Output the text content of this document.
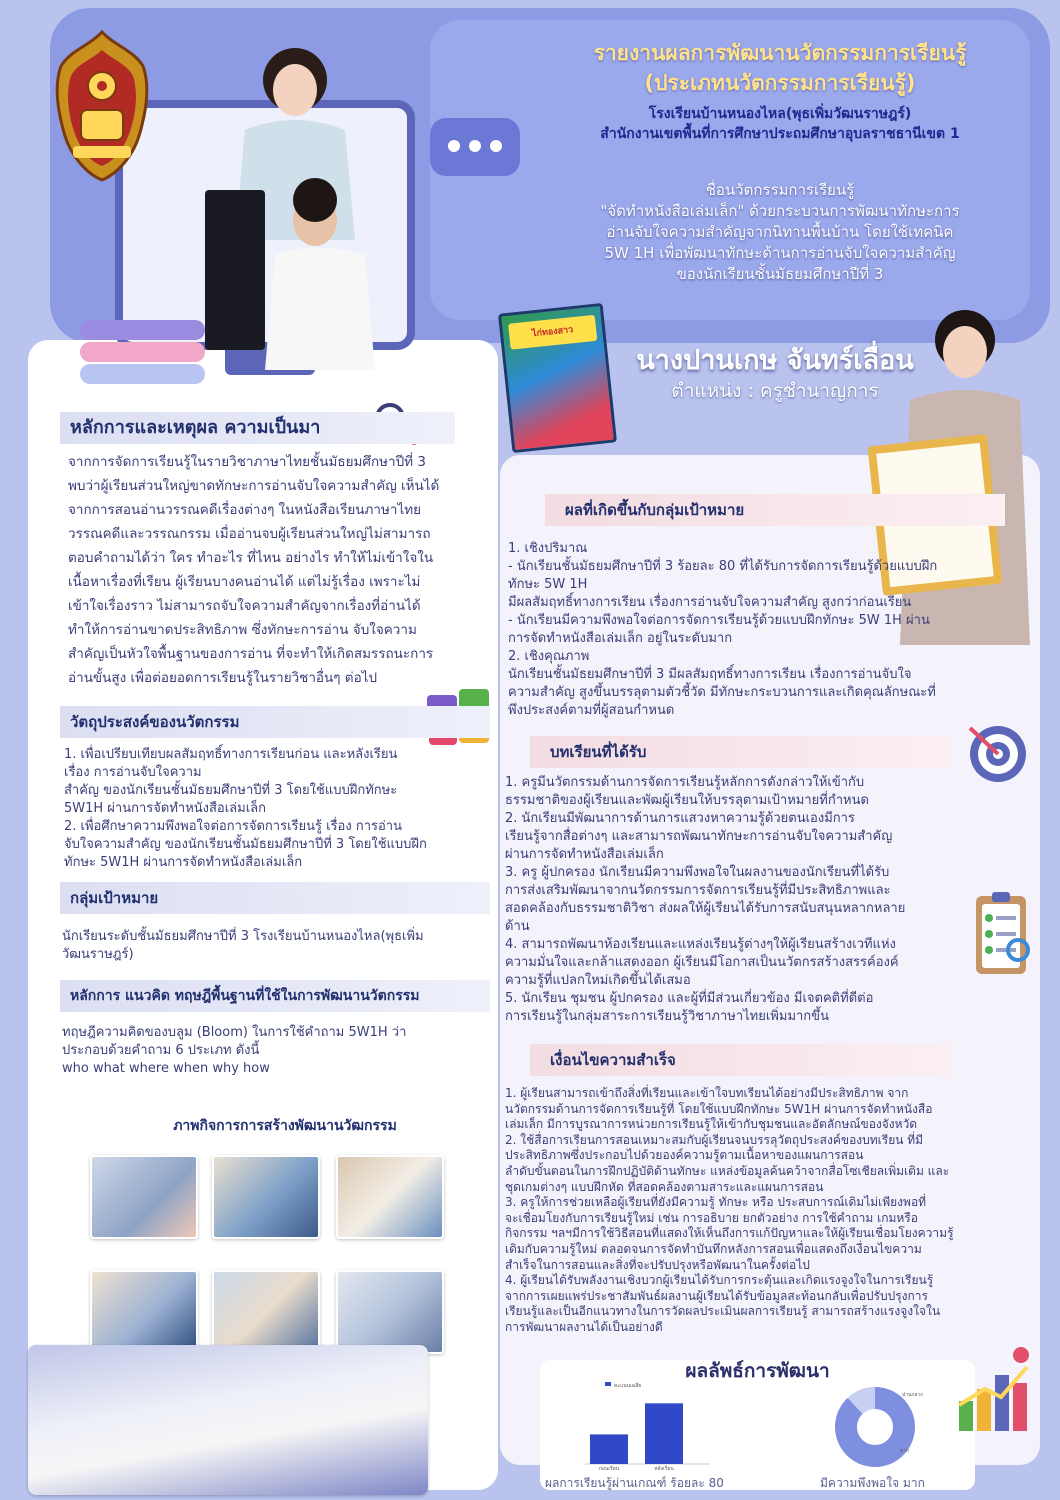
รายงานผลการพัฒนานวัตกรรมการเรียนรู้
(ประเภทนวัตกรรมการเรียนรู้)
โรงเรียนบ้านหนองไหล(พุธเพิ่มวัฒนราษฎร์)
สำนักงานเขตพื้นที่การศึกษาประถมศึกษาอุบลราชธานีเขต 1
ชื่อนวัตกรรมการเรียนรู้
"จัดทำหนังสือเล่มเล็ก" ด้วยกระบวนการพัฒนาทักษะการ
อ่านจับใจความสำคัญจากนิทานพื้นบ้าน โดยใช้เทคนิค
5W 1H เพื่อพัฒนาทักษะด้านการอ่านจับใจความสำคัญ
ของนักเรียนชั้นมัธยมศึกษาปีที่ 3
ไก่ทองสาว
นางปานเกษ จันทร์เลื่อน
ตำแหน่ง : ครูชำนาญการ
หลักการและเหตุผล ความเป็นมา
จากการจัดการเรียนรู้ในรายวิชาภาษาไทยชั้นมัธยมศึกษาปีที่ 3
พบว่าผู้เรียนส่วนใหญ่ขาดทักษะการอ่านจับใจความสำคัญ เห็นได้
จากการสอนอ่านวรรณคดีเรื่องต่างๆ ในหนังสือเรียนภาษาไทย
วรรณคดีและวรรณกรรม เมื่ออ่านจบผู้เรียนส่วนใหญ่ไม่สามารถ
ตอบคำถามได้ว่า ใคร ทำอะไร ที่ไหน อย่างไร ทำให้ไม่เข้าใจใน
เนื้อหาเรื่องที่เรียน ผู้เรียนบางคนอ่านได้ แต่ไม่รู้เรื่อง เพราะไม่
เข้าใจเรื่องราว ไม่สามารถจับใจความสำคัญจากเรื่องที่อ่านได้
ทำให้การอ่านขาดประสิทธิภาพ ซึ่งทักษะการอ่าน จับใจความ
สำคัญเป็นหัวใจพื้นฐานของการอ่าน ที่จะทำให้เกิดสมรรถนะการ
อ่านขั้นสูง เพื่อต่อยอดการเรียนรู้ในรายวิชาอื่นๆ ต่อไป
วัตถุประสงค์ของนวัตกรรม
1. เพื่อเปรียบเทียบผลสัมฤทธิ์ทางการเรียนก่อน และหลังเรียน
เรื่อง การอ่านจับใจความ
สำคัญ ของนักเรียนชั้นมัธยมศึกษาปีที่ 3 โดยใช้แบบฝึกทักษะ
5W1H ผ่านการจัดทำหนังสือเล่มเล็ก
2. เพื่อศึกษาความพึงพอใจต่อการจัดการเรียนรู้ เรื่อง การอ่าน
จับใจความสำคัญ ของนักเรียนชั้นมัธยมศึกษาปีที่ 3 โดยใช้แบบฝึก
ทักษะ 5W1H ผ่านการจัดทำหนังสือเล่มเล็ก
กลุ่มเป้าหมาย
นักเรียนระดับชั้นมัธยมศึกษาปีที่ 3 โรงเรียนบ้านหนองไหล(พุธเพิ่ม
วัฒนราษฎร์)
หลักการ แนวคิด ทฤษฎีพื้นฐานที่ใช้ในการพัฒนานวัตกรรม
ทฤษฎีความคิดของบลูม (Bloom) ในการใช้คำถาม 5W1H ว่า
ประกอบด้วยคำถาม 6 ประเภท ดังนี้
who what where when why how
ภาพกิจการการสร้างพัฒนานวัฒกรรม
ผลที่เกิดขึ้นกับกลุ่มเป้าหมาย
1. เชิงปริมาณ
- นักเรียนชั้นมัธยมศึกษาปีที่ 3 ร้อยละ 80 ที่ได้รับการจัดการเรียนรู้ด้วยแบบฝึก
ทักษะ 5W 1H
มีผลสัมฤทธิ์ทางการเรียน เรื่องการอ่านจับใจความสำคัญ สูงกว่าก่อนเรียน
- นักเรียนมีความพึงพอใจต่อการจัดการเรียนรู้ด้วยแบบฝึกทักษะ 5W 1H ผ่าน
การจัดทำหนังสือเล่มเล็ก อยู่ในระดับมาก
2. เชิงคุณภาพ
นักเรียนชั้นมัธยมศึกษาปีที่ 3 มีผลสัมฤทธิ์ทางการเรียน เรื่องการอ่านจับใจ
ความสำคัญ สูงขึ้นบรรลุตามตัวชี้วัด มีทักษะกระบวนการและเกิดคุณลักษณะที่
พึงประสงค์ตามที่ผู้สอนกำหนด
บทเรียนที่ได้รับ
1. ครูมีนวัตกรรมด้านการจัดการเรียนรู้หลักการดังกล่าวให้เข้ากับ
ธรรมชาติของผู้เรียนและพัฒผู้เรียนให้บรรลุตามเป้าหมายที่กำหนด
2. นักเรียนมีพัฒนาการด้านการแสวงหาความรู้ด้วยตนเองมีการ
เรียนรู้จากสื่อต่างๆ และสามารถพัฒนาทักษะการอ่านจับใจความสำคัญ
ผ่านการจัดทำหนังสือเล่มเล็ก
3. ครู ผู้ปกครอง นักเรียนมีความพึงพอใจในผลงานของนักเรียนที่ได้รับ
การส่งเสริมพัฒนาจากนวัตกรรมการจัดการเรียนรู้ที่มีประสิทธิภาพและ
สอดคล้องกับธรรมชาติวิชา ส่งผลให้ผู้เรียนได้รับการสนับสนุนหลากหลาย
ด้าน
4. สามารถพัฒนาห้องเรียนและแหล่งเรียนรู้ต่างๆให้ผู้เรียนสร้างเวทีแห่ง
ความมั่นใจและกล้าแสดงออก ผู้เรียนมีโอกาสเป็นนวัตกรสร้างสรรค์องค์
ความรู้ที่แปลกใหม่เกิดขึ้นได้เสมอ
5. นักเรียน ชุมชน ผู้ปกครอง และผู้ที่มีส่วนเกี่ยวข้อง มีเจตคติที่ดีต่อ
การเรียนรู้ในกลุ่มสาระการเรียนรู้วิชาภาษาไทยเพิ่มมากขึ้น
เงื่อนไขความสำเร็จ
1. ผู้เรียนสามารถเข้าถึงสิ่งที่เรียนและเข้าใจบทเรียนได้อย่างมีประสิทธิภาพ จาก
นวัตกรรมด้านการจัดการเรียนรู้ที่ โดยใช้แบบฝึกทักษะ 5W1H ผ่านการจัดทำหนังสือ
เล่มเล็ก มีการบูรณาการหน่วยการเรียนรู้ให้เข้ากับชุมชนและอัตลักษณ์ของจังหวัด
2. ใช้สื่อการเรียนการสอนเหมาะสมกับผู้เรียนจนบรรลุวัตถุประสงค์ของบทเรียน ที่มี
ประสิทธิภาพซึ่งประกอบไปด้วยองค์ความรู้ตามเนื้อหาของแผนการสอน
ลำดับขั้นตอนในการฝึกปฏิบัติด้านทักษะ แหล่งข้อมูลค้นคว้าจากสื่อโซเชียลเพิ่มเติม และ
ชุดเกมต่างๆ แบบฝึกหัด ที่สอดคล้องตามสาระและแผนการสอน
3. ครูให้การช่วยเหลือผู้เรียนที่ยังมีความรู้ ทักษะ หรือ ประสบการณ์เดิมไม่เพียงพอที่
จะเชื่อมโยงกับการเรียนรู้ใหม่ เช่น การอธิบาย ยกตัวอย่าง การใช้คำถาม เกมหรือ
กิจกรรม ฯลฯมีการใช้วิธีสอนที่แสดงให้เห็นถึงการแก้ปัญหาและให้ผู้เรียนเชื่อมโยงความรู้
เดิมกับความรู้ใหม่ ตลอดจนการจัดทำบันทึกหลังการสอนเพื่อแสดงถึงเงื่อนไขความ
สำเร็จในการสอนและสิ่งที่จะปรับปรุงหรือพัฒนาในครั้งต่อไป
4. ผู้เรียนได้รับพลังงานเชิงบวกผู้เรียนได้รับการกระตุ้นและเกิดแรงจูงใจในการเรียนรู้
จากการเผยแพร่ประชาสัมพันธ์ผลงานผู้เรียนได้รับข้อมูลสะท้อนกลับเพื่อปรับปรุงการ
เรียนรู้และเป็นอีกแนวทางในการวัดผลประเมินผลการเรียนรู้ สามารถสร้างแรงจูงใจใน
การพัฒนาผลงานได้เป็นอย่างดี
ผลลัพธ์การพัฒนา
คะแนนเฉลี่ย
ก่อนเรียน	หลังเรียน
ผลการเรียนรู้ผ่านเกณฑ์ ร้อยละ 80
มาก
ปานกลาง
มีความพึงพอใจ มาก
